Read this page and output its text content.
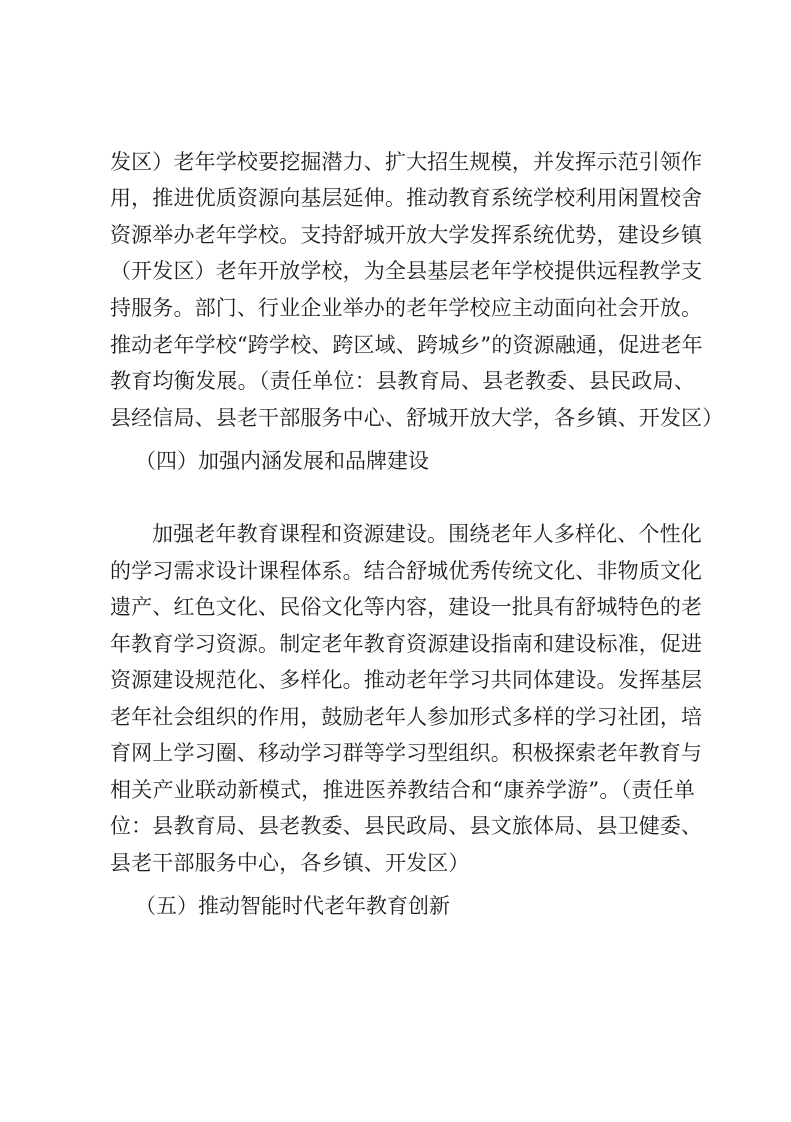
发区）老年学校要挖掘潜力、扩大招生规模，并发挥示范引领作
用，推进优质资源向基层延伸。推动教育系统学校利用闲置校舍
资源举办老年学校。支持舒城开放大学发挥系统优势，建设乡镇
（开发区）老年开放学校，为全县基层老年学校提供远程教学支
持服务。部门、行业企业举办的老年学校应主动面向社会开放。
推动老年学校“跨学校、跨区域、跨城乡”的资源融通，促进老年
教育均衡发展。（责任单位：县教育局、县老教委、县民政局、
县经信局、县老干部服务中心、舒城开放大学，各乡镇、开发区）
（四）加强内涵发展和品牌建设
加强老年教育课程和资源建设。围绕老年人多样化、个性化
的学习需求设计课程体系。结合舒城优秀传统文化、非物质文化
遗产、红色文化、民俗文化等内容，建设一批具有舒城特色的老
年教育学习资源。制定老年教育资源建设指南和建设标准，促进
资源建设规范化、多样化。推动老年学习共同体建设。发挥基层
老年社会组织的作用，鼓励老年人参加形式多样的学习社团，培
育网上学习圈、移动学习群等学习型组织。积极探索老年教育与
相关产业联动新模式，推进医养教结合和“康养学游”。（责任单
位：县教育局、县老教委、县民政局、县文旅体局、县卫健委、
县老干部服务中心，各乡镇、开发区）
（五）推动智能时代老年教育创新
